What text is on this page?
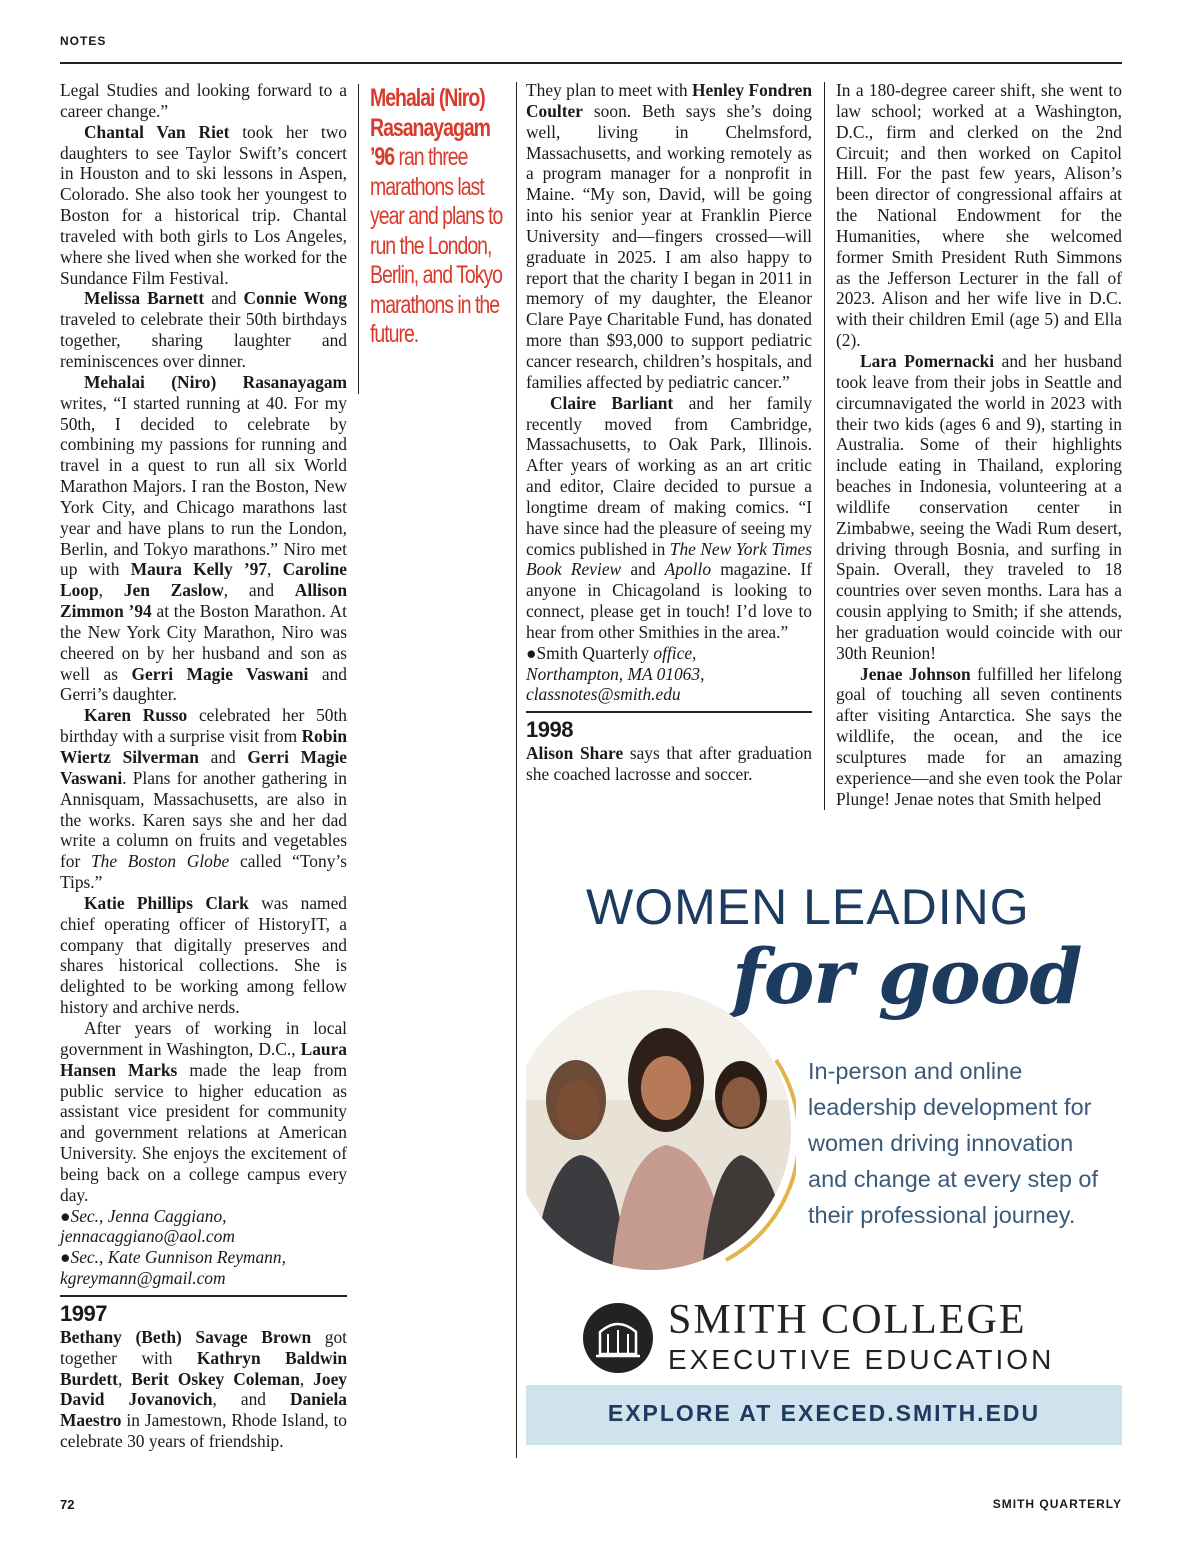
NOTES

Legal Studies and looking forward to a career change.”

Chantal Van Riet took her two daughters to see Taylor Swift’s concert in Houston and to ski lessons in Aspen, Colorado. She also took her youngest to Boston for a historical trip. Chantal traveled with both girls to Los Angeles, where she lived when she worked for the Sundance Film Festival.

Melissa Barnett and Connie Wong traveled to celebrate their 50th birthdays together, sharing laughter and reminiscences over dinner.

Mehalai (Niro) Rasanayagam writes, “I started running at 40. For my 50th, I decided to celebrate by combining my passions for running and travel in a quest to run all six World Marathon Majors. I ran the Boston, New York City, and Chicago marathons last year and have plans to run the London, Berlin, and Tokyo marathons.” Niro met up with Maura Kelly ’97, Caroline Loop, Jen Zaslow, and Allison Zimmon ’94 at the Boston Marathon. At the New York City Marathon, Niro was cheered on by her husband and son as well as Gerri Magie Vaswani and Gerri’s daughter.

Karen Russo celebrated her 50th birthday with a surprise visit from Robin Wiertz Silverman and Gerri Magie Vaswani. Plans for another gathering in Annisquam, Massachusetts, are also in the works. Karen says she and her dad write a column on fruits and vegetables for The Boston Globe called “Tony’s Tips.”

Katie Phillips Clark was named chief operating officer of HistoryIT, a company that digitally preserves and shares historical collections. She is delighted to be working among fellow history and archive nerds.

After years of working in local government in Washington, D.C., Laura Hansen Marks made the leap from public service to higher education as assistant vice president for community and government relations at American University. She enjoys the excitement of being back on a college campus every day.

●Sec., Jenna Caggiano,
jennacaggiano@aol.com
●Sec., Kate Gunnison Reymann,
kgreymann@gmail.com
1997

Bethany (Beth) Savage Brown got together with Kathryn Baldwin Burdett, Berit Oskey Coleman, Joey David Jovanovich, and Daniela Maestro in Jamestown, Rhode Island, to celebrate 30 years of friendship.

Mehalai (Niro) Rasanayagam ’96 ran three marathons last year and plans to run the London, Berlin, and Tokyo marathons in the future.

They plan to meet with Henley Fondren Coulter soon. Beth says she’s doing well, living in Chelmsford, Massachusetts, and working remotely as a program manager for a nonprofit in Maine. “My son, David, will be going into his senior year at Franklin Pierce University and—fingers crossed—will graduate in 2025. I am also happy to report that the charity I began in 2011 in memory of my daughter, the Eleanor Clare Paye Charitable Fund, has donated more than $93,000 to support pediatric cancer research, children’s hospitals, and families affected by pediatric cancer.”

Claire Barliant and her family recently moved from Cambridge, Massachusetts, to Oak Park, Illinois. After years of working as an art critic and editor, Claire decided to pursue a longtime dream of making comics. “I have since had the pleasure of seeing my comics published in The New York Times Book Review and Apollo magazine. If anyone in Chicagoland is looking to connect, please get in touch! I’d love to hear from other Smithies in the area.”

●Smith Quarterly office,
Northampton, MA 01063,
classnotes@smith.edu
1998

Alison Share says that after graduation she coached lacrosse and soccer.

In a 180-degree career shift, she went to law school; worked at a Washington, D.C., firm and clerked on the 2nd Circuit; and then worked on Capitol Hill. For the past few years, Alison’s been director of congressional affairs at the National Endowment for the Humanities, where she welcomed former Smith President Ruth Simmons as the Jefferson Lecturer in the fall of 2023. Alison and her wife live in D.C. with their children Emil (age 5) and Ella (2).

Lara Pomernacki and her husband took leave from their jobs in Seattle and circumnavigated the world in 2023 with their two kids (ages 6 and 9), starting in Australia. Some of their highlights include eating in Thailand, exploring beaches in Indonesia, volunteering at a wildlife conservation center in Zimbabwe, seeing the Wadi Rum desert, driving through Bosnia, and surfing in Spain. Overall, they traveled to 18 countries over seven months. Lara has a cousin applying to Smith; if she attends, her graduation would coincide with our 30th Reunion!

Jenae Johnson fulfilled her lifelong goal of touching all seven continents after visiting Antarctica. She says the wildlife, the ocean, and the ice sculptures made for an amazing experience—and she even took the Polar Plunge! Jenae notes that Smith helped

WOMEN LEADING
for good
In-person and online leadership development for women driving innovation and change at every step of their professional journey.
SMITH COLLEGE
EXECUTIVE EDUCATION
EXPLORE AT EXECED.SMITH.EDU
72	SMITH QUARTERLY
